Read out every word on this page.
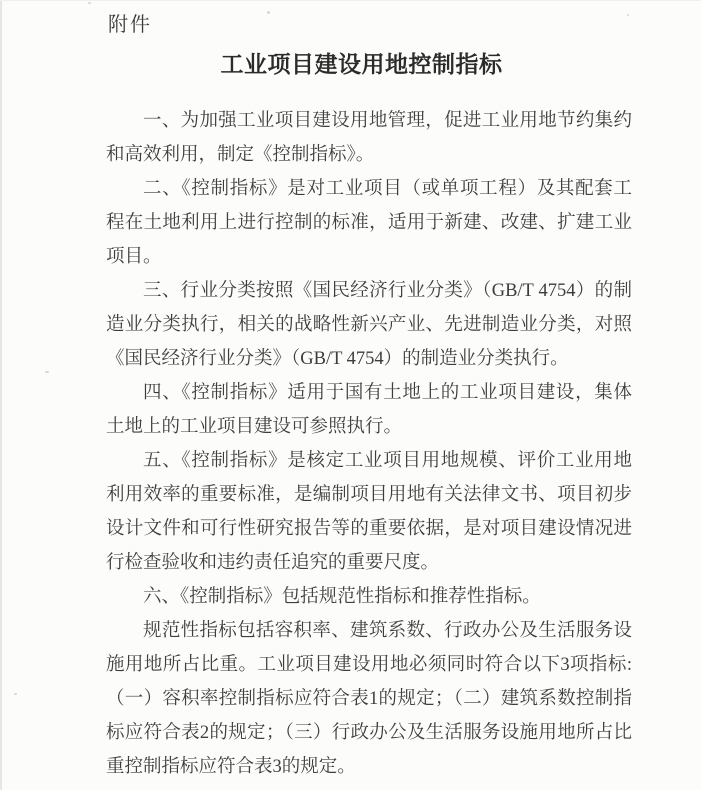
附件
工业项目建设用地控制指标
一、为加强工业项目建设用地管理，促进工业用地节约集约
和高效利用，制定《控制指标》。
二、《控制指标》是对工业项目（或单项工程）及其配套工
程在土地利用上进行控制的标准，适用于新建、改建、扩建工业
项目。
三、行业分类按照《国民经济行业分类》（GB/T 4754）的制
造业分类执行，相关的战略性新兴产业、先进制造业分类，对照
《国民经济行业分类》（GB/T 4754）的制造业分类执行。
四、《控制指标》适用于国有土地上的工业项目建设，集体
土地上的工业项目建设可参照执行。
五、《控制指标》是核定工业项目用地规模、评价工业用地
利用效率的重要标准，是编制项目用地有关法律文书、项目初步
设计文件和可行性研究报告等的重要依据，是对项目建设情况进
行检查验收和违约责任追究的重要尺度。
六、《控制指标》包括规范性指标和推荐性指标。
规范性指标包括容积率、建筑系数、行政办公及生活服务设
施用地所占比重。工业项目建设用地必须同时符合以下3项指标:
（一）容积率控制指标应符合表1的规定；（二）建筑系数控制指
标应符合表2的规定；（三）行政办公及生活服务设施用地所占比
重控制指标应符合表3的规定。
